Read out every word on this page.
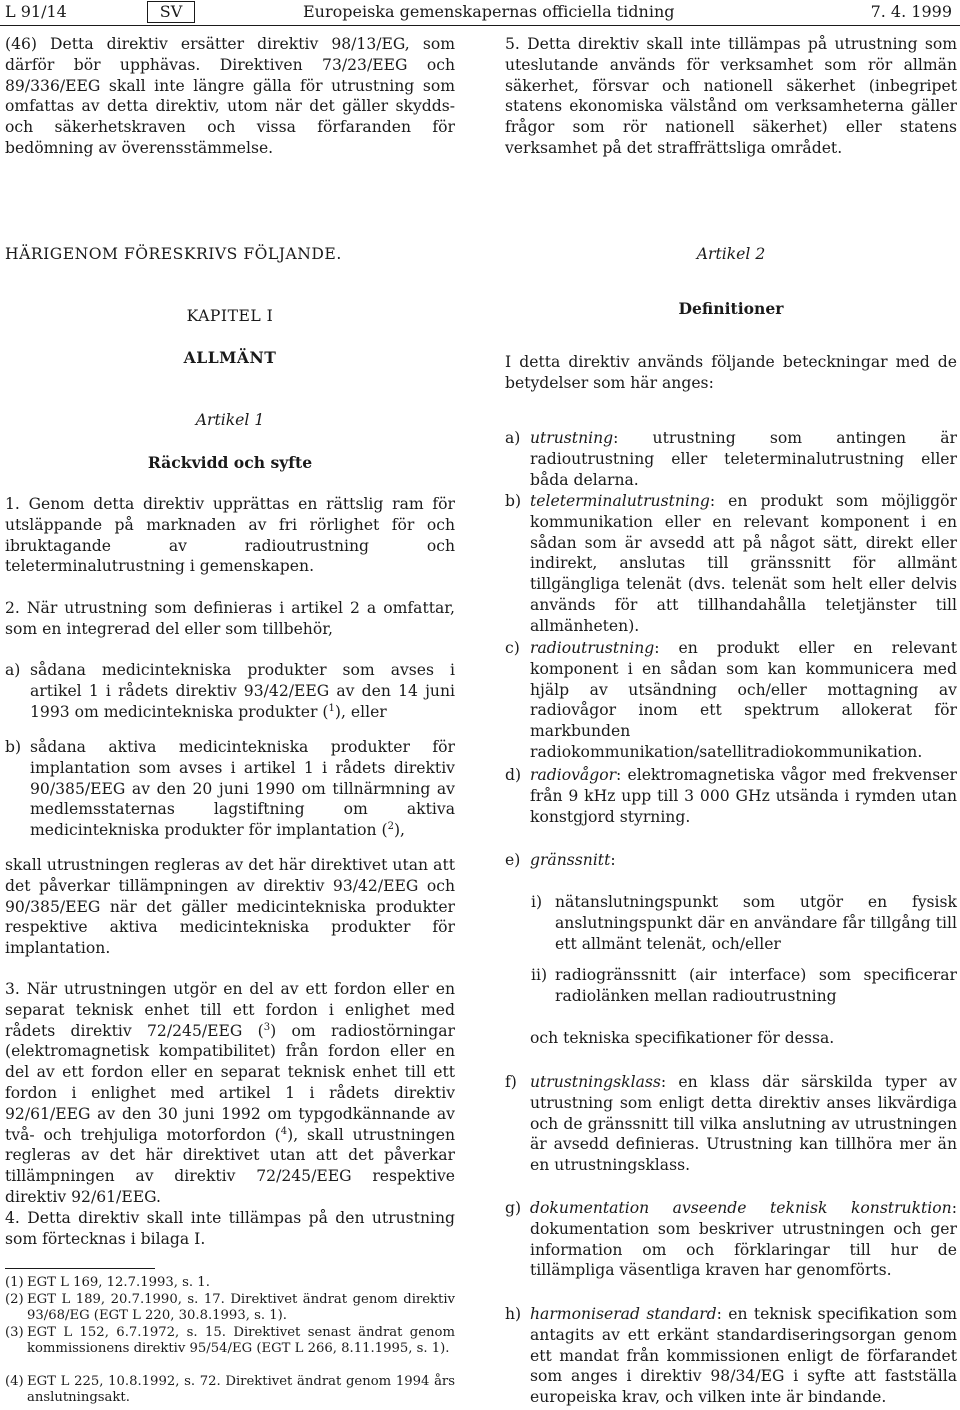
L 91/14	SV	Europeiska gemenskapernas officiella tidning	7. 4. 1999

(46) Detta direktiv ersätter direktiv 98/13/EG, som därför bör upphävas. Direktiven 73/23/EEG och 89/336/EEG skall inte längre gälla för utrustning som omfattas av detta direktiv, utom när det gäller skydds- och säkerhetskraven och vissa förfaranden för bedömning av överensstämmelse.

HÄRIGENOM FÖRESKRIVS FÖLJANDE.

KAPITEL I

ALLMÄNT

Artikel 1

Räckvidd och syfte

1. Genom detta direktiv upprättas en rättslig ram för utsläppande på marknaden av fri rörlighet för och ibruktagande av radioutrustning och teleterminalutrustning i gemenskapen.

2. När utrustning som definieras i artikel 2 a omfattar, som en integrerad del eller som tillbehör,

a) sådana medicintekniska produkter som avses i artikel 1 i rådets direktiv 93/42/EEG av den 14 juni 1993 om medicintekniska produkter ($^1$), eller
b) sådana aktiva medicintekniska produkter för implantation som avses i artikel 1 i rådets direktiv 90/385/EEG av den 20 juni 1990 om tillnärmning av medlemsstaternas lagstiftning om aktiva medicintekniska produkter för implantation ($^2$),

skall utrustningen regleras av det här direktivet utan att det påverkar tillämpningen av direktiv 93/42/EEG och 90/385/EEG när det gäller medicintekniska produkter respektive aktiva medicintekniska produkter för implantation.

3. När utrustningen utgör en del av ett fordon eller en separat teknisk enhet till ett fordon i enlighet med rådets direktiv 72/245/EEG ($^3$) om radiostörningar (elektromagnetisk kompatibilitet) från fordon eller en del av ett fordon eller en separat teknisk enhet till ett fordon i enlighet med artikel 1 i rådets direktiv 92/61/EEG av den 30 juni 1992 om typgodkännande av två- och trehjuliga motorfordon ($^4$), skall utrustningen regleras av det här direktivet utan att det påverkar tillämpningen av direktiv 72/245/EEG respektive direktiv 92/61/EEG.

4. Detta direktiv skall inte tillämpas på den utrustning som förtecknas i bilaga I.

(1) EGT L 169, 12.7.1993, s. 1.
(2) EGT L 189, 20.7.1990, s. 17. Direktivet ändrat genom direktiv 93/68/EG (EGT L 220, 30.8.1993, s. 1).
(3) EGT L 152, 6.7.1972, s. 15. Direktivet senast ändrat genom kommissionens direktiv 95/54/EG (EGT L 266, 8.11.1995, s. 1).
(4) EGT L 225, 10.8.1992, s. 72. Direktivet ändrat genom 1994 års anslutningsakt.

5. Detta direktiv skall inte tillämpas på utrustning som uteslutande används för verksamhet som rör allmän säkerhet, försvar och nationell säkerhet (inbegripet statens ekonomiska välstånd om verksamheterna gäller frågor som rör nationell säkerhet) eller statens verksamhet på det straffrättsliga området.

Artikel 2

Definitioner

I detta direktiv används följande beteckningar med de betydelser som här anges:

a) utrustning: utrustning som antingen är radioutrustning eller teleterminalutrustning eller båda delarna.
b) teleterminalutrustning: en produkt som möjliggör kommunikation eller en relevant komponent i en sådan som är avsedd att på något sätt, direkt eller indirekt, anslutas till gränssnitt för allmänt tillgängliga telenät (dvs. telenät som helt eller delvis används för att tillhandahålla teletjänster till allmänheten).
c) radioutrustning: en produkt eller en relevant komponent i en sådan som kan kommunicera med hjälp av utsändning och/eller mottagning av radiovågor inom ett spektrum allokerat för markbunden radiokommunikation/satellitradiokommunikation.
d) radiovågor: elektromagnetiska vågor med frekvenser från 9 kHz upp till 3 000 GHz utsända i rymden utan konstgjord styrning.
e) gränssnitt:
i) nätanslutningspunkt som utgör en fysisk anslutningspunkt där en användare får tillgång till ett allmänt telenät, och/eller
ii) radiogränssnitt (air interface) som specificerar radiolänken mellan radioutrustning

och tekniska specifikationer för dessa.

f) utrustningsklass: en klass där särskilda typer av utrustning som enligt detta direktiv anses likvärdiga och de gränssnitt till vilka anslutning av utrustningen är avsedd definieras. Utrustning kan tillhöra mer än en utrustningsklass.
g) dokumentation avseende teknisk konstruktion: dokumentation som beskriver utrustningen och ger information om och förklaringar till hur de tillämpliga väsentliga kraven har genomförts.
h) harmoniserad standard: en teknisk specifikation som antagits av ett erkänt standardiseringsorgan genom ett mandat från kommissionen enligt de förfarandet som anges i direktiv 98/34/EG i syfte att fastställa europeiska krav, och vilken inte är bindande.
